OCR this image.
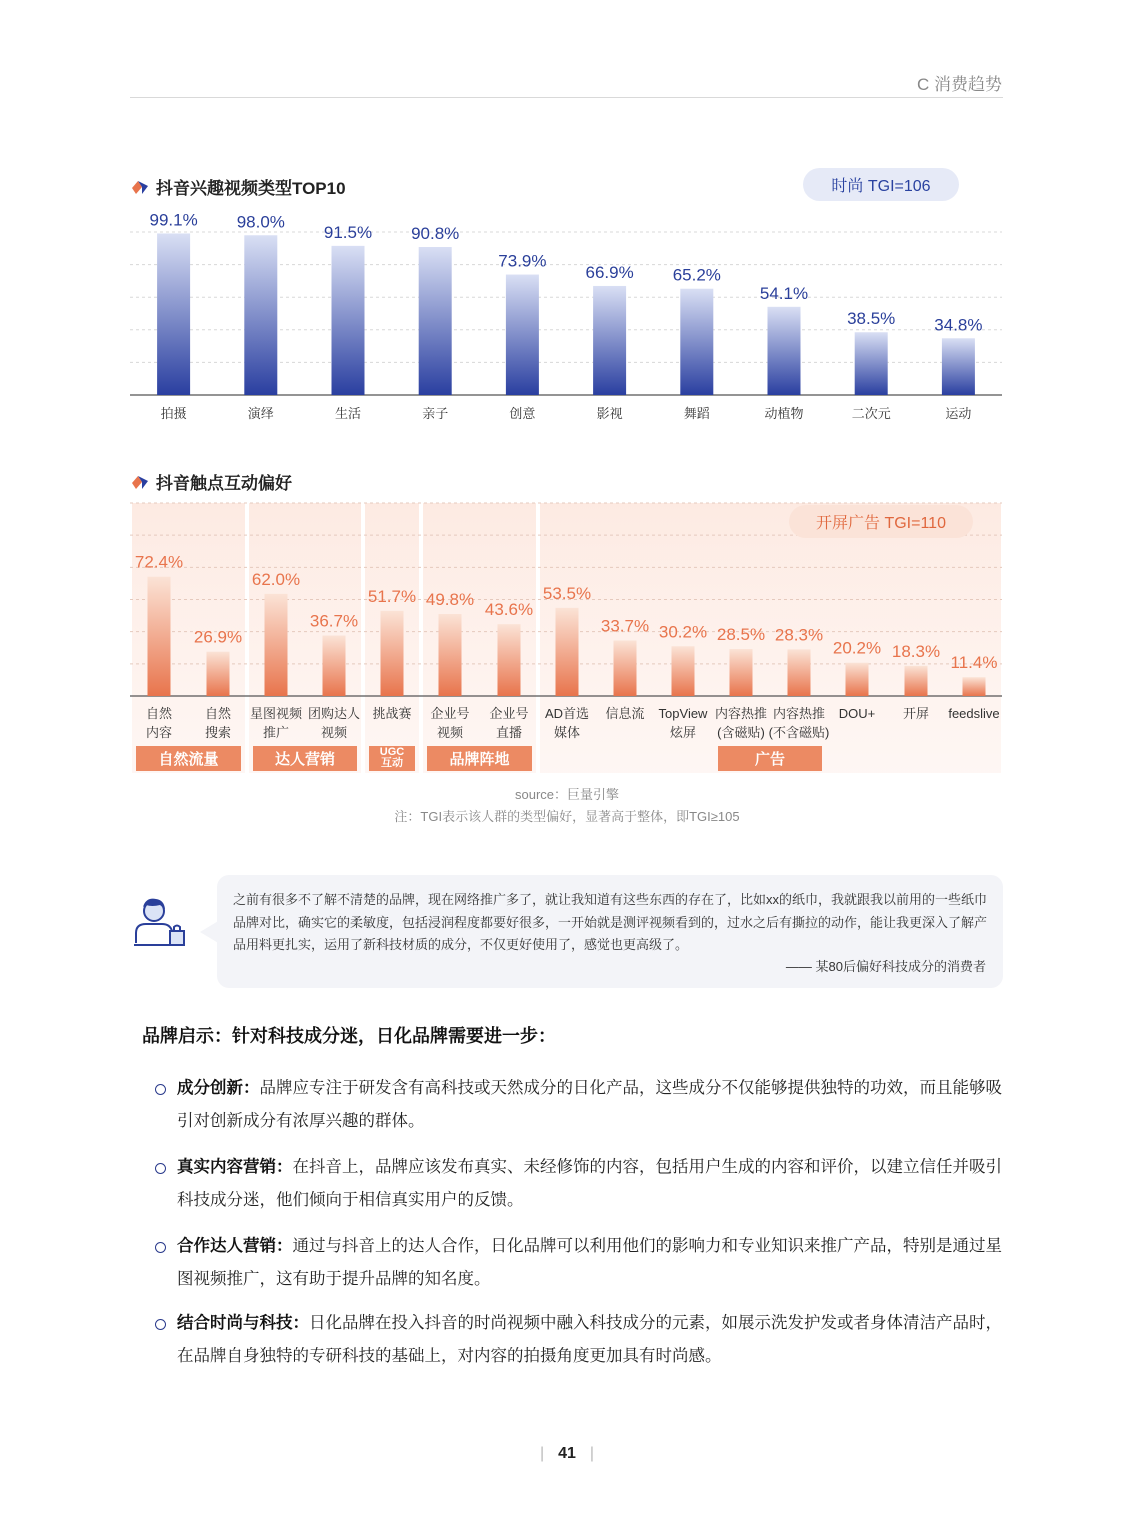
C 消费趋势
抖音兴趣视频类型TOP10	时尚 TGI=106
99.1%
拍摄
98.0%
演绎
91.5%
生活
90.8%
亲子
73.9%
创意
66.9%
影视
65.2%
舞蹈
54.1%
动植物
38.5%
二次元
34.8%
运动
抖音触点互动偏好
72.4%
自然
内容
26.9%
自然
搜索
62.0%
星图视频
推广
36.7%
团购达人
视频
51.7%
挑战赛
49.8%
企业号
视频
43.6%
企业号
直播
53.5%
AD首选
媒体
33.7%
信息流
30.2%
TopView
炫屏
28.5%
内容热推
(含磁贴)
28.3%
内容热推
(不含磁贴)
20.2%
DOU+
18.3%
开屏
11.4%
feedslive
自然流量	达人营销	UGC 互动	品牌阵地	广告
开屏广告 TGI=110
source：巨量引擎
注：TGI表示该人群的类型偏好，显著高于整体，即TGI≥105
之前有很多不了解不清楚的品牌，现在网络推广多了，就让我知道有这些东西的存在了，比如xx的纸巾，我就跟我以前用的一些纸巾品牌对比，确实它的柔敏度，包括浸润程度都要好很多，一开始就是测评视频看到的，过水之后有撕拉的动作，能让我更深入了解产品用料更扎实，运用了新科技材质的成分，不仅更好使用了，感觉也更高级了。
—— 某80后偏好科技成分的消费者
品牌启示：针对科技成分迷，日化品牌需要进一步：
成分创新：品牌应专注于研发含有高科技或天然成分的日化产品，这些成分不仅能够提供独特的功效，而且能够吸引对创新成分有浓厚兴趣的群体。
真实内容营销：在抖音上，品牌应该发布真实、未经修饰的内容，包括用户生成的内容和评价，以建立信任并吸引科技成分迷，他们倾向于相信真实用户的反馈。
合作达人营销：通过与抖音上的达人合作，日化品牌可以利用他们的影响力和专业知识来推广产品，特别是通过星图视频推广，这有助于提升品牌的知名度。
结合时尚与科技：日化品牌在投入抖音的时尚视频中融入科技成分的元素，如展示洗发护发或者身体清洁产品时，在品牌自身独特的专研科技的基础上，对内容的拍摄角度更加具有时尚感。
| 41 |
